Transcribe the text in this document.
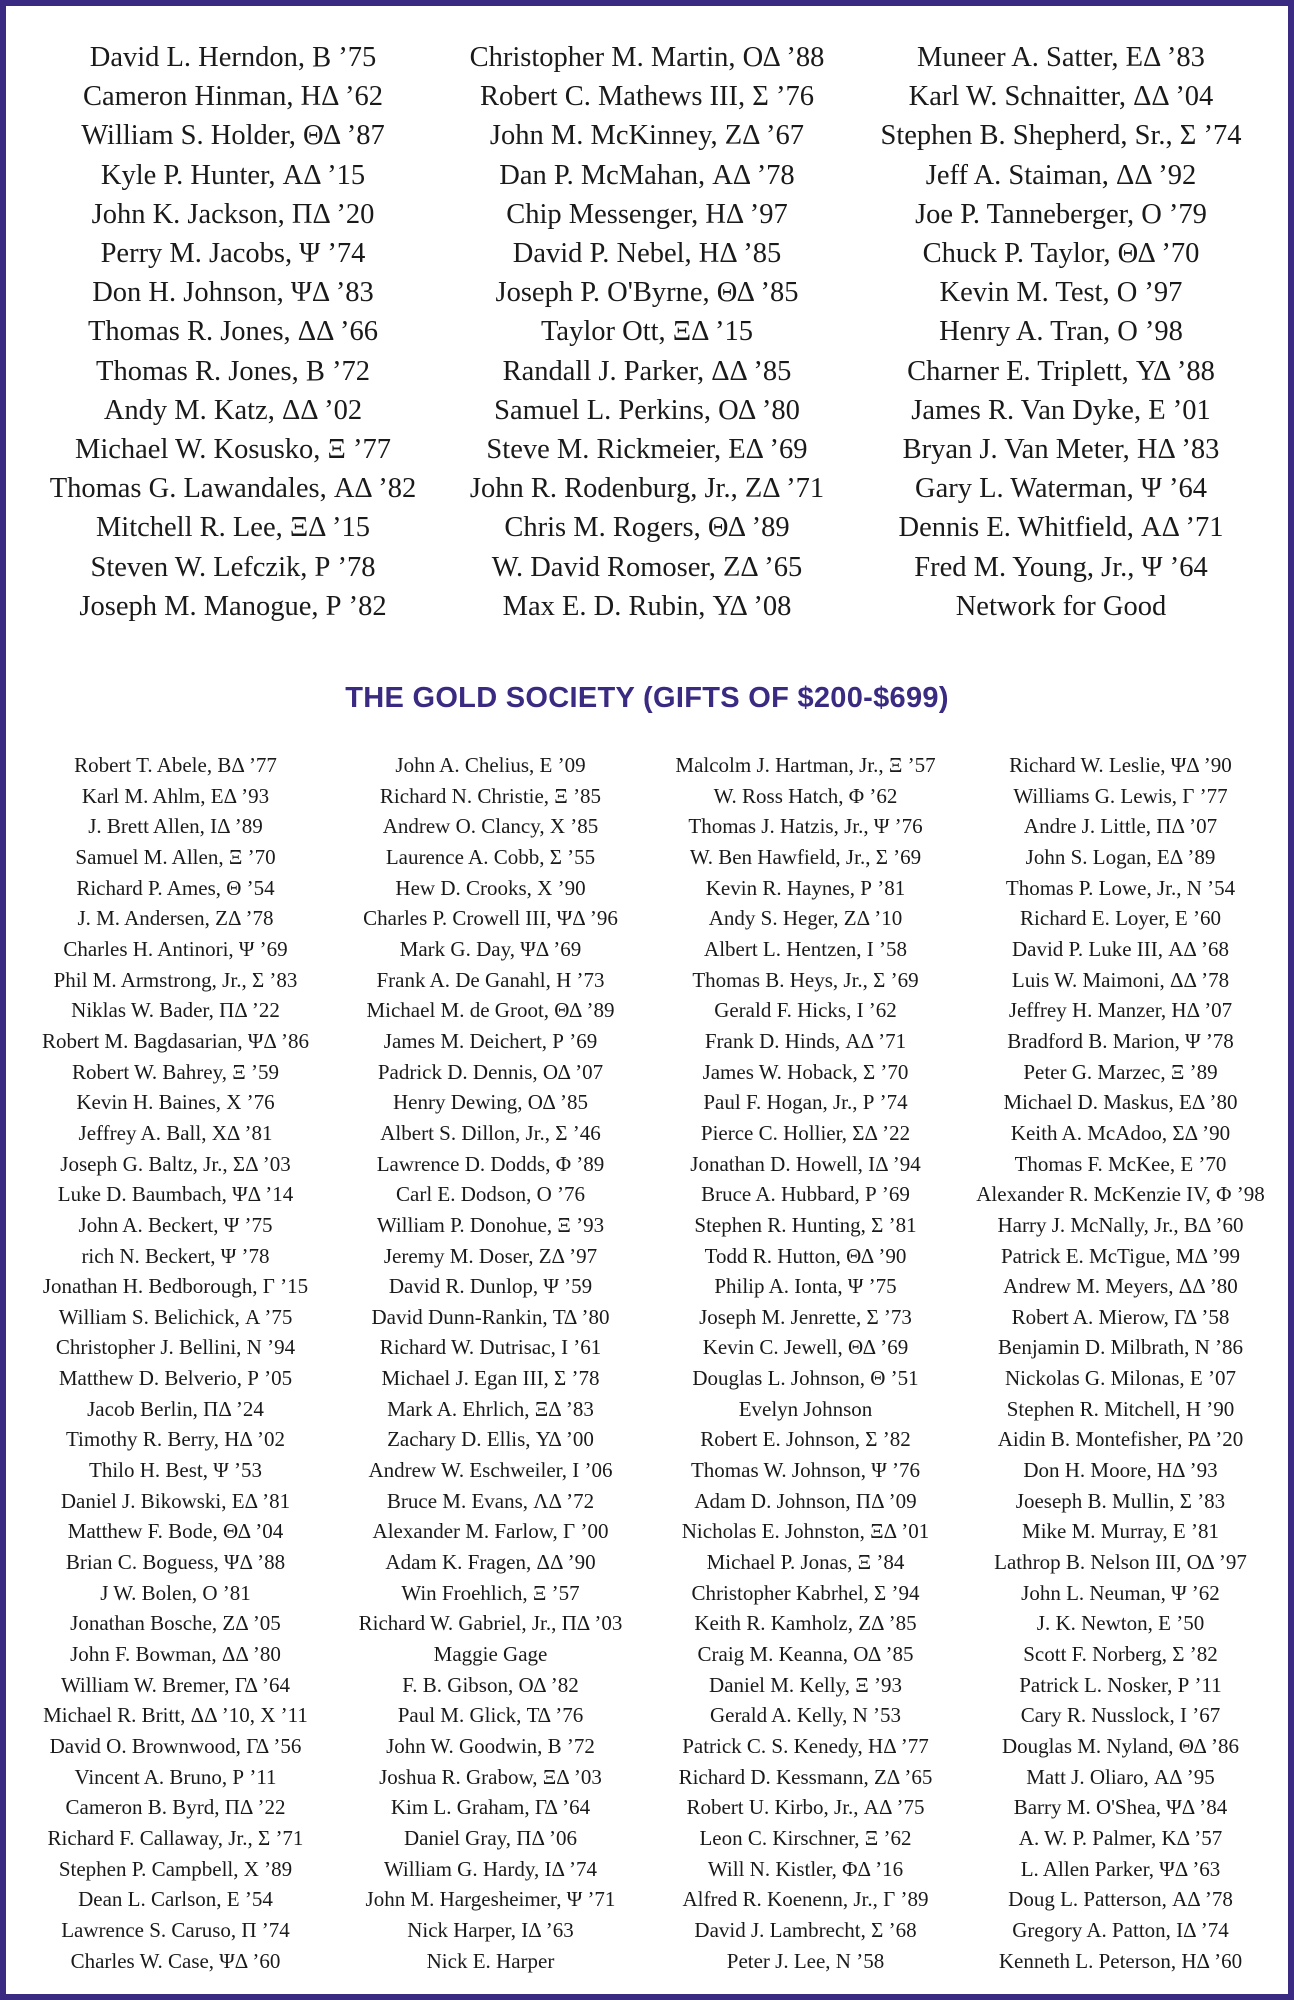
David L. Herndon, Β ’75
Cameron Hinman, ΗΔ ’62
William S. Holder, ΘΔ ’87
Kyle P. Hunter, ΑΔ ’15
John K. Jackson, ΠΔ ’20
Perry M. Jacobs, Ψ ’74
Don H. Johnson, ΨΔ ’83
Thomas R. Jones, ΔΔ ’66
Thomas R. Jones, Β ’72
Andy M. Katz, ΔΔ ’02
Michael W. Kosusko, Ξ ’77
Thomas G. Lawandales, ΑΔ ’82
Mitchell R. Lee, ΞΔ ’15
Steven W. Lefczik, Ρ ’78
Joseph M. Manogue, Ρ ’82
Christopher M. Martin, ΟΔ ’88
Robert C. Mathews III, Σ ’76
John M. McKinney, ΖΔ ’67
Dan P. McMahan, ΑΔ ’78
Chip Messenger, ΗΔ ’97
David P. Nebel, ΗΔ ’85
Joseph P. O'Byrne, ΘΔ ’85
Taylor Ott, ΞΔ ’15
Randall J. Parker, ΔΔ ’85
Samuel L. Perkins, ΟΔ ’80
Steve M. Rickmeier, ΕΔ ’69
John R. Rodenburg, Jr., ΖΔ ’71
Chris M. Rogers, ΘΔ ’89
W. David Romoser, ΖΔ ’65
Max E. D. Rubin, ΥΔ ’08
Muneer A. Satter, ΕΔ ’83
Karl W. Schnaitter, ΔΔ ’04
Stephen B. Shepherd, Sr., Σ ’74
Jeff A. Staiman, ΔΔ ’92
Joe P. Tanneberger, Ο ’79
Chuck P. Taylor, ΘΔ ’70
Kevin M. Test, Ο ’97
Henry A. Tran, Ο ’98
Charner E. Triplett, ΥΔ ’88
James R. Van Dyke, Ε ’01
Bryan J. Van Meter, ΗΔ ’83
Gary L. Waterman, Ψ ’64
Dennis E. Whitfield, ΑΔ ’71
Fred M. Young, Jr., Ψ ’64
Network for Good
THE GOLD SOCIETY (GIFTS OF $200-$699)
Robert T. Abele, ΒΔ ’77
Karl M. Ahlm, ΕΔ ’93
J. Brett Allen, ΙΔ ’89
Samuel M. Allen, Ξ ’70
Richard P. Ames, Θ ’54
J. M. Andersen, ΖΔ ’78
Charles H. Antinori, Ψ ’69
Phil M. Armstrong, Jr., Σ ’83
Niklas W. Bader, ΠΔ ’22
Robert M. Bagdasarian, ΨΔ ’86
Robert W. Bahrey, Ξ ’59
Kevin H. Baines, Χ ’76
Jeffrey A. Ball, ΧΔ ’81
Joseph G. Baltz, Jr., ΣΔ ’03
Luke D. Baumbach, ΨΔ ’14
John A. Beckert, Ψ ’75
rich N. Beckert, Ψ ’78
Jonathan H. Bedborough, Γ ’15
William S. Belichick, Α ’75
Christopher J. Bellini, Ν ’94
Matthew D. Belverio, Ρ ’05
Jacob Berlin, ΠΔ ’24
Timothy R. Berry, ΗΔ ’02
Thilo H. Best, Ψ ’53
Daniel J. Bikowski, ΕΔ ’81
Matthew F. Bode, ΘΔ ’04
Brian C. Boguess, ΨΔ ’88
J W. Bolen, Ο ’81
Jonathan Bosche, ΖΔ ’05
John F. Bowman, ΔΔ ’80
William W. Bremer, ΓΔ ’64
Michael R. Britt, ΔΔ ’10, Χ ’11
David O. Brownwood, ΓΔ ’56
Vincent A. Bruno, Ρ ’11
Cameron B. Byrd, ΠΔ ’22
Richard F. Callaway, Jr., Σ ’71
Stephen P. Campbell, Χ ’89
Dean L. Carlson, Ε ’54
Lawrence S. Caruso, Π ’74
Charles W. Case, ΨΔ ’60
John A. Chelius, Ε ’09
Richard N. Christie, Ξ ’85
Andrew O. Clancy, Χ ’85
Laurence A. Cobb, Σ ’55
Hew D. Crooks, Χ ’90
Charles P. Crowell III, ΨΔ ’96
Mark G. Day, ΨΔ ’69
Frank A. De Ganahl, Η ’73
Michael M. de Groot, ΘΔ ’89
James M. Deichert, Ρ ’69
Padrick D. Dennis, ΟΔ ’07
Henry Dewing, ΟΔ ’85
Albert S. Dillon, Jr., Σ ’46
Lawrence D. Dodds, Φ ’89
Carl E. Dodson, Ο ’76
William P. Donohue, Ξ ’93
Jeremy M. Doser, ΖΔ ’97
David R. Dunlop, Ψ ’59
David Dunn-Rankin, ΤΔ ’80
Richard W. Dutrisac, Ι ’61
Michael J. Egan III, Σ ’78
Mark A. Ehrlich, ΞΔ ’83
Zachary D. Ellis, ΥΔ ’00
Andrew W. Eschweiler, Ι ’06
Bruce M. Evans, ΛΔ ’72
Alexander M. Farlow, Γ ’00
Adam K. Fragen, ΔΔ ’90
Win Froehlich, Ξ ’57
Richard W. Gabriel, Jr., ΠΔ ’03
Maggie Gage
F. B. Gibson, ΟΔ ’82
Paul M. Glick, ΤΔ ’76
John W. Goodwin, Β ’72
Joshua R. Grabow, ΞΔ ’03
Kim L. Graham, ΓΔ ’64
Daniel Gray, ΠΔ ’06
William G. Hardy, ΙΔ ’74
John M. Hargesheimer, Ψ ’71
Nick Harper, ΙΔ ’63
Nick E. Harper
Malcolm J. Hartman, Jr., Ξ ’57
W. Ross Hatch, Φ ’62
Thomas J. Hatzis, Jr., Ψ ’76
W. Ben Hawfield, Jr., Σ ’69
Kevin R. Haynes, Ρ ’81
Andy S. Heger, ΖΔ ’10
Albert L. Hentzen, Ι ’58
Thomas B. Heys, Jr., Σ ’69
Gerald F. Hicks, Ι ’62
Frank D. Hinds, ΑΔ ’71
James W. Hoback, Σ ’70
Paul F. Hogan, Jr., Ρ ’74
Pierce C. Hollier, ΣΔ ’22
Jonathan D. Howell, ΙΔ ’94
Bruce A. Hubbard, Ρ ’69
Stephen R. Hunting, Σ ’81
Todd R. Hutton, ΘΔ ’90
Philip A. Ionta, Ψ ’75
Joseph M. Jenrette, Σ ’73
Kevin C. Jewell, ΘΔ ’69
Douglas L. Johnson, Θ ’51
Evelyn Johnson
Robert E. Johnson, Σ ’82
Thomas W. Johnson, Ψ ’76
Adam D. Johnson, ΠΔ ’09
Nicholas E. Johnston, ΞΔ ’01
Michael P. Jonas, Ξ ’84
Christopher Kabrhel, Σ ’94
Keith R. Kamholz, ΖΔ ’85
Craig M. Keanna, ΟΔ ’85
Daniel M. Kelly, Ξ ’93
Gerald A. Kelly, Ν ’53
Patrick C. S. Kenedy, ΗΔ ’77
Richard D. Kessmann, ΖΔ ’65
Robert U. Kirbo, Jr., ΑΔ ’75
Leon C. Kirschner, Ξ ’62
Will N. Kistler, ΦΔ ’16
Alfred R. Koenenn, Jr., Γ ’89
David J. Lambrecht, Σ ’68
Peter J. Lee, Ν ’58
Richard W. Leslie, ΨΔ ’90
Williams G. Lewis, Γ ’77
Andre J. Little, ΠΔ ’07
John S. Logan, ΕΔ ’89
Thomas P. Lowe, Jr., Ν ’54
Richard E. Loyer, Ε ’60
David P. Luke III, ΑΔ ’68
Luis W. Maimoni, ΔΔ ’78
Jeffrey H. Manzer, ΗΔ ’07
Bradford B. Marion, Ψ ’78
Peter G. Marzec, Ξ ’89
Michael D. Maskus, ΕΔ ’80
Keith A. McAdoo, ΣΔ ’90
Thomas F. McKee, Ε ’70
Alexander R. McKenzie IV, Φ ’98
Harry J. McNally, Jr., ΒΔ ’60
Patrick E. McTigue, ΜΔ ’99
Andrew M. Meyers, ΔΔ ’80
Robert A. Mierow, ΓΔ ’58
Benjamin D. Milbrath, Ν ’86
Nickolas G. Milonas, Ε ’07
Stephen R. Mitchell, Η ’90
Aidin B. Montefisher, ΡΔ ’20
Don H. Moore, ΗΔ ’93
Joeseph B. Mullin, Σ ’83
Mike M. Murray, Ε ’81
Lathrop B. Nelson III, ΟΔ ’97
John L. Neuman, Ψ ’62
J. K. Newton, Ε ’50
Scott F. Norberg, Σ ’82
Patrick L. Nosker, Ρ ’11
Cary R. Nusslock, Ι ’67
Douglas M. Nyland, ΘΔ ’86
Matt J. Oliaro, ΑΔ ’95
Barry M. O'Shea, ΨΔ ’84
A. W. P. Palmer, ΚΔ ’57
L. Allen Parker, ΨΔ ’63
Doug L. Patterson, ΑΔ ’78
Gregory A. Patton, ΙΔ ’74
Kenneth L. Peterson, ΗΔ ’60
